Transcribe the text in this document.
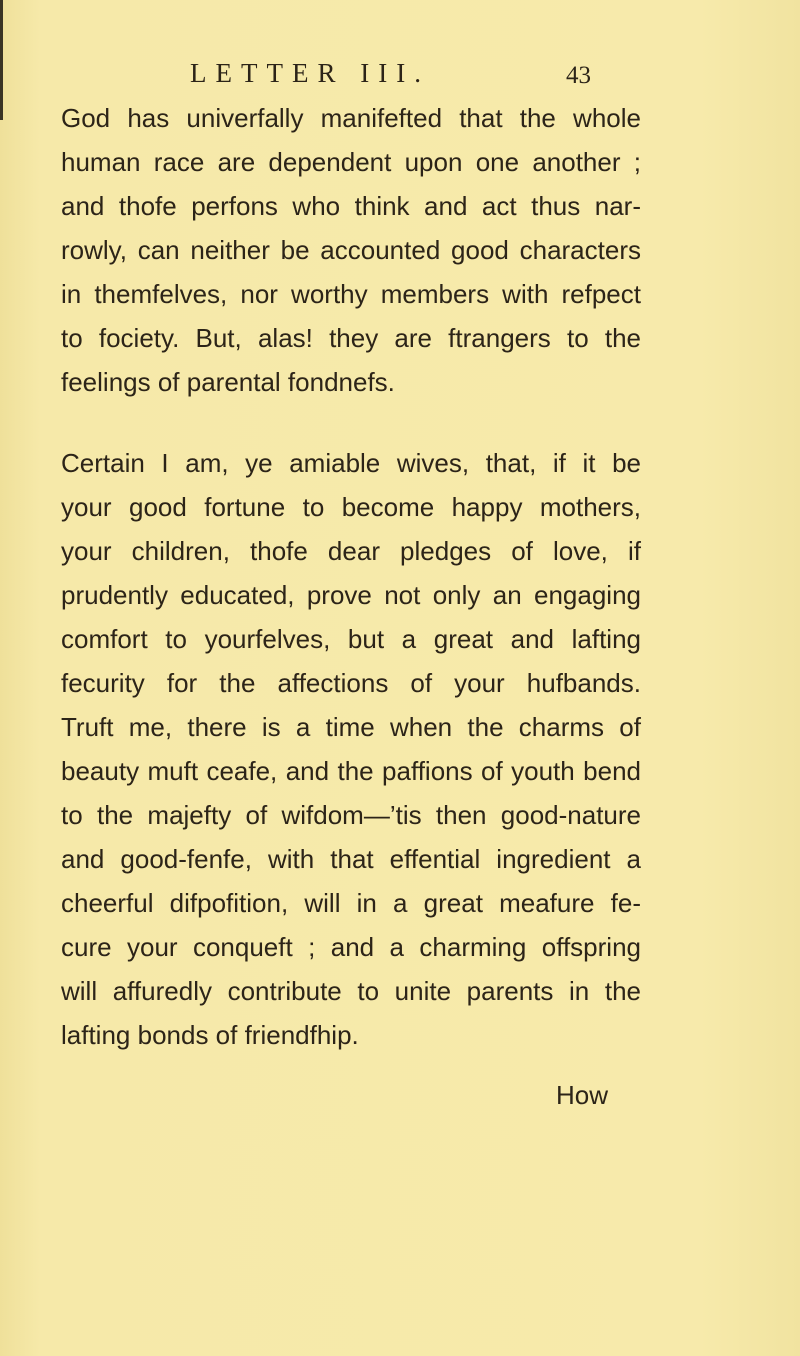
LETTER III.	43
God has univerfally manifefted that the whole
human race are dependent upon one another ;
and thofe perfons who think and act thus nar-
rowly, can neither be accounted good characters
in themfelves, nor worthy members with refpect
to fociety. But, alas! they are ftrangers to the
feelings of parental fondnefs.
Certain I am, ye amiable wives, that, if it be
your good fortune to become happy mothers,
your children, thofe dear pledges of love, if
prudently educated, prove not only an engaging
comfort to yourfelves, but a great and lafting
fecurity for the affections of your hufbands.
Truft me, there is a time when the charms of
beauty muft ceafe, and the paffions of youth bend
to the majefty of wifdom—’tis then good-nature
and good-fenfe, with that effential ingredient a
cheerful difpofition, will in a great meafure fe-
cure your conqueft ; and a charming offspring
will affuredly contribute to unite parents in the
lafting bonds of friendfhip.
How
